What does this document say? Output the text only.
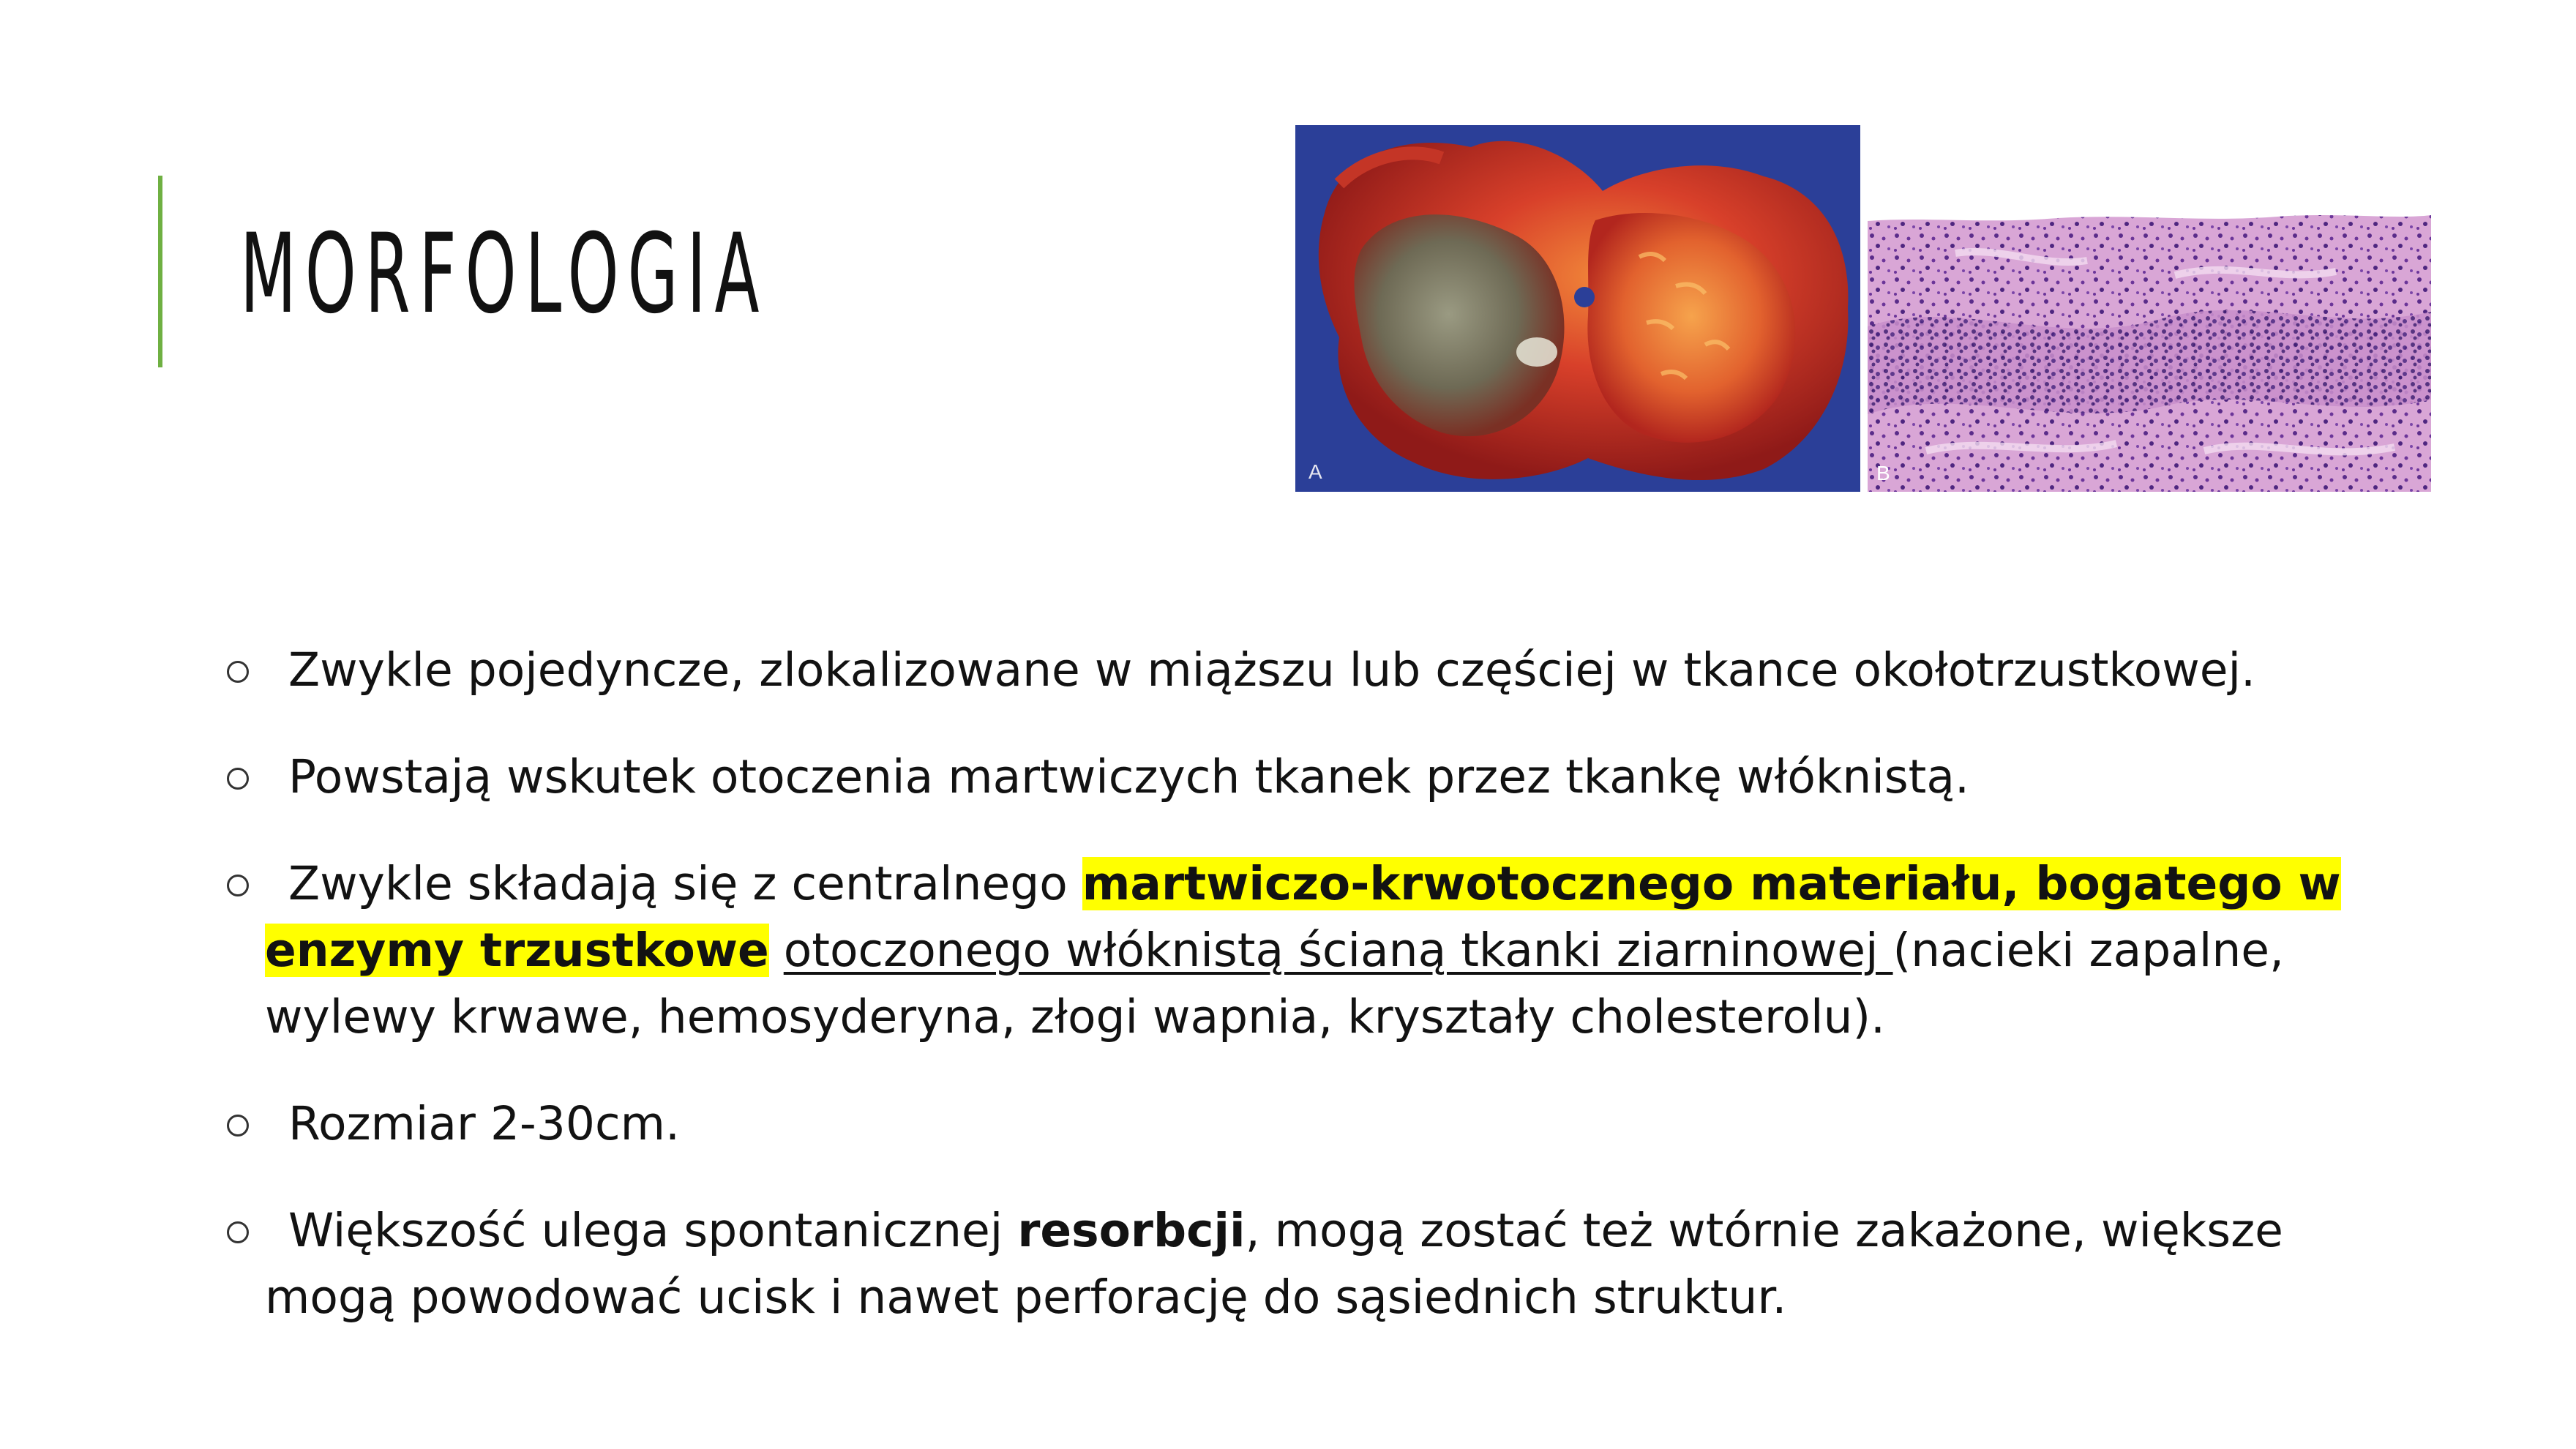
MORFOLOGIA
A	B
Zwykle pojedyncze, zlokalizowane w miąższu lub częściej w tkance okołotrzustkowej.
Powstają wskutek otoczenia martwiczych tkanek przez tkankę włóknistą.
Zwykle składają się z centralnego martwiczo-krwotocznego materiału, bogatego w
enzymy trzustkowe otoczonego włóknistą ścianą tkanki ziarninowej (nacieki zapalne,
wylewy krwawe, hemosyderyna, złogi wapnia, kryształy cholesterolu).
Rozmiar 2-30cm.
Większość ulega spontanicznej resorbcji, mogą zostać też wtórnie zakażone, większe
mogą powodować ucisk i nawet perforację do sąsiednich struktur.
